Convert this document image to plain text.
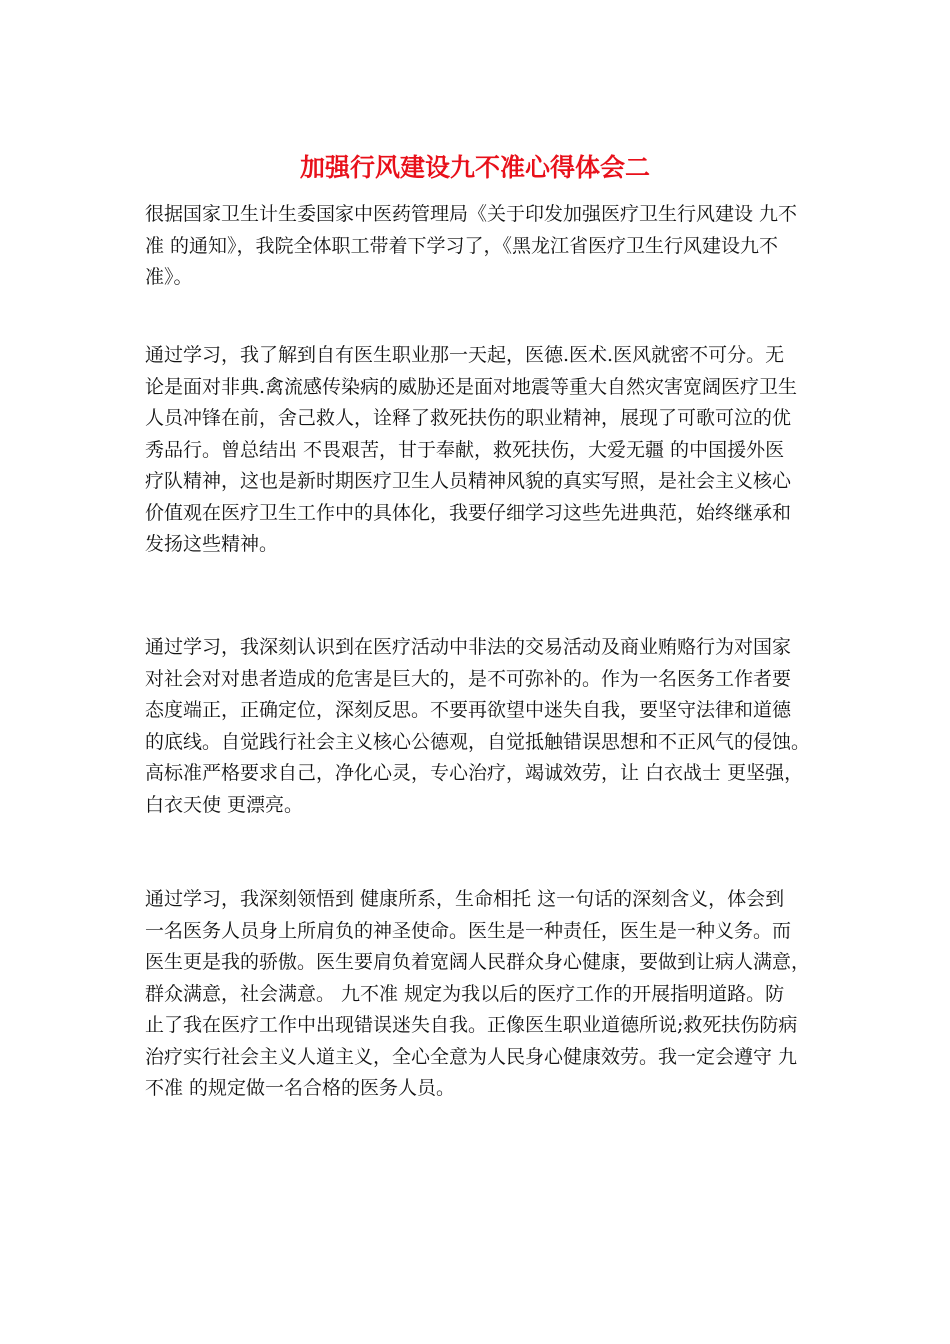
加强行风建设九不准心得体会二
很据国家卫生计生委国家中医药管理局《关于印发加强医疗卫生行风建设 九不
准 的通知》，我院全体职工带着下学习了，《黑龙江省医疗卫生行风建设九不
准》。
通过学习，我了解到自有医生职业那一天起，医德.医术.医风就密不可分。无
论是面对非典.禽流感传染病的威胁还是面对地震等重大自然灾害宽阔医疗卫生
人员冲锋在前，舍己救人，诠释了救死扶伤的职业精神，展现了可歌可泣的优
秀品行。曾总结出 不畏艰苦，甘于奉献，救死扶伤，大爱无疆 的中国援外医
疗队精神，这也是新时期医疗卫生人员精神风貌的真实写照，是社会主义核心
价值观在医疗卫生工作中的具体化，我要仔细学习这些先进典范，始终继承和
发扬这些精神。
通过学习，我深刻认识到在医疗活动中非法的交易活动及商业贿赂行为对国家
对社会对对患者造成的危害是巨大的，是不可弥补的。作为一名医务工作者要
态度端正，正确定位，深刻反思。不要再欲望中迷失自我，要坚守法律和道德
的底线。自觉践行社会主义核心公德观，自觉抵触错误思想和不正风气的侵蚀。
高标准严格要求自己，净化心灵，专心治疗，竭诚效劳，让 白衣战士 更坚强，
白衣天使 更漂亮。
通过学习，我深刻领悟到 健康所系，生命相托 这一句话的深刻含义，体会到
一名医务人员身上所肩负的神圣使命。医生是一种责任，医生是一种义务。而
医生更是我的骄傲。医生要肩负着宽阔人民群众身心健康，要做到让病人满意，
群众满意，社会满意。 九不准 规定为我以后的医疗工作的开展指明道路。防
止了我在医疗工作中出现错误迷失自我。正像医生职业道德所说;救死扶伤防病
治疗实行社会主义人道主义，全心全意为人民身心健康效劳。我一定会遵守 九
不准 的规定做一名合格的医务人员。
